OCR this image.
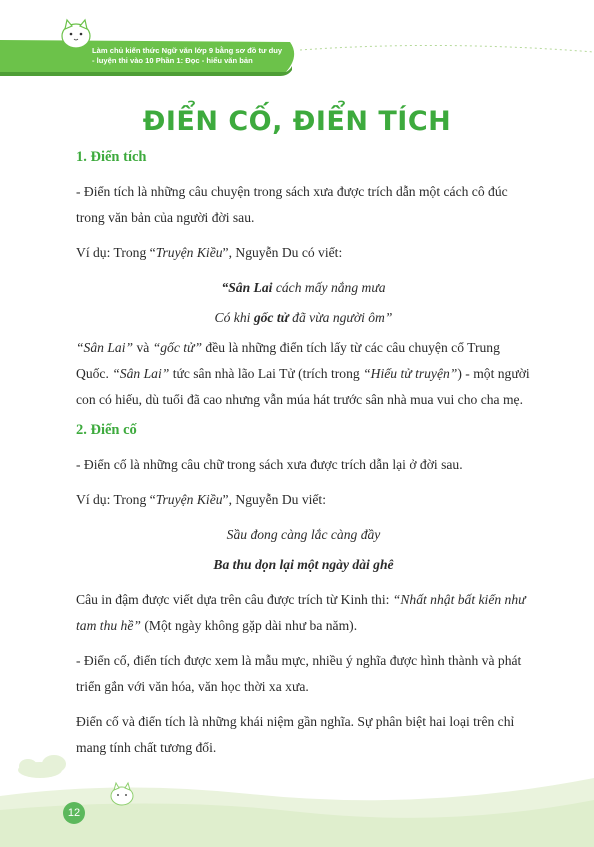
Làm chủ kiến thức Ngữ văn lớp 9 bằng sơ đồ tư duy
- luyện thi vào 10 Phần 1: Đọc - hiểu văn bản
ĐIỂN CỐ, ĐIỂN TÍCH
1. Điển tích

- Điển tích là những câu chuyện trong sách xưa được trích dẫn một cách cô đúc trong văn bản của người đời sau.

Ví dụ: Trong “Truyện Kiều”, Nguyễn Du có viết:

“Sân Lai cách mấy nắng mưa

Có khi gốc tử đã vừa người ôm”

“Sân Lai” và “gốc tử” đều là những điển tích lấy từ các câu chuyện cổ Trung Quốc. “Sân Lai” tức sân nhà lão Lai Tử (trích trong “Hiếu tử truyện”) - một người con có hiếu, dù tuổi đã cao nhưng vẫn múa hát trước sân nhà mua vui cho cha mẹ.

2. Điển cố

- Điển cố là những câu chữ trong sách xưa được trích dẫn lại ở đời sau.

Ví dụ: Trong “Truyện Kiều”, Nguyễn Du viết:

Sầu đong càng lắc càng đầy

Ba thu dọn lại một ngày dài ghê

Câu in đậm được viết dựa trên câu được trích từ Kinh thi: “Nhất nhật bất kiến như tam thu hề” (Một ngày không gặp dài như ba năm).

- Điển cố, điển tích được xem là mẫu mực, nhiều ý nghĩa được hình thành và phát triển gắn với văn hóa, văn học thời xa xưa.

Điển cố và điển tích là những khái niệm gần nghĩa. Sự phân biệt hai loại trên chỉ mang tính chất tương đối.

12
